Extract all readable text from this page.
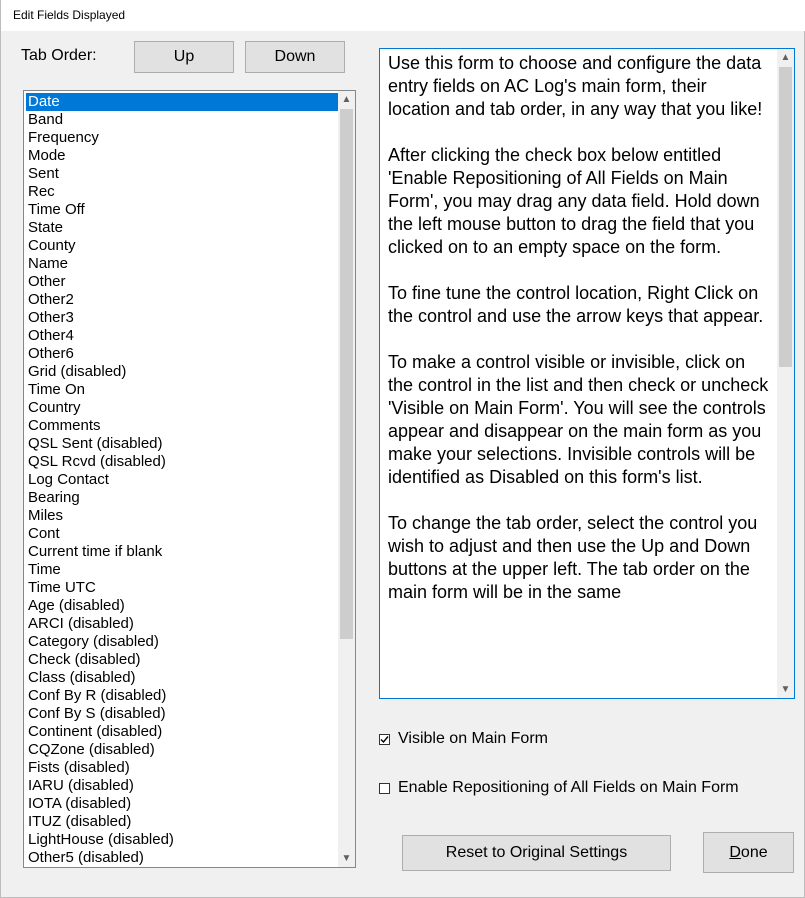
Edit Fields Displayed
Tab Order:	Up	Down
Date
Band
Frequency
Mode
Sent
Rec
Time Off
State
County
Name
Other
Other2
Other3
Other4
Other6
Grid (disabled)
Time On
Country
Comments
QSL Sent (disabled)
QSL Rcvd (disabled)
Log Contact
Bearing
Miles
Cont
Current time if blank
Time
Time UTC
Age (disabled)
ARCI (disabled)
Category (disabled)
Check (disabled)
Class (disabled)
Conf By R (disabled)
Conf By S (disabled)
Continent (disabled)
CQZone (disabled)
Fists (disabled)
IARU (disabled)
IOTA (disabled)
ITUZ (disabled)
LightHouse (disabled)
Other5 (disabled)
▲
▼

Use this form to choose and configure the data entry fields on AC Log's main form, their location and tab order, in any way that you like!

After clicking the check box below entitled 'Enable Repositioning of All Fields on Main Form', you may drag any data field. Hold down the left mouse button to drag the field that you clicked on to an empty space on the form.

To fine tune the control location, Right Click on the control and use the arrow keys that appear.

To make a control visible or invisible, click on the control in the list and then check or uncheck 'Visible on Main Form'. You will see the controls appear and disappear on the main form as you make your selections. Invisible controls will be identified as Disabled on this form's list.

To change the tab order, select the control you wish to adjust and then use the Up and Down buttons at the upper left. The tab order on the main form will be in the same

▲
▼
Visible on Main Form
Enable Repositioning of All Fields on Main Form
Reset to Original Settings	Done
